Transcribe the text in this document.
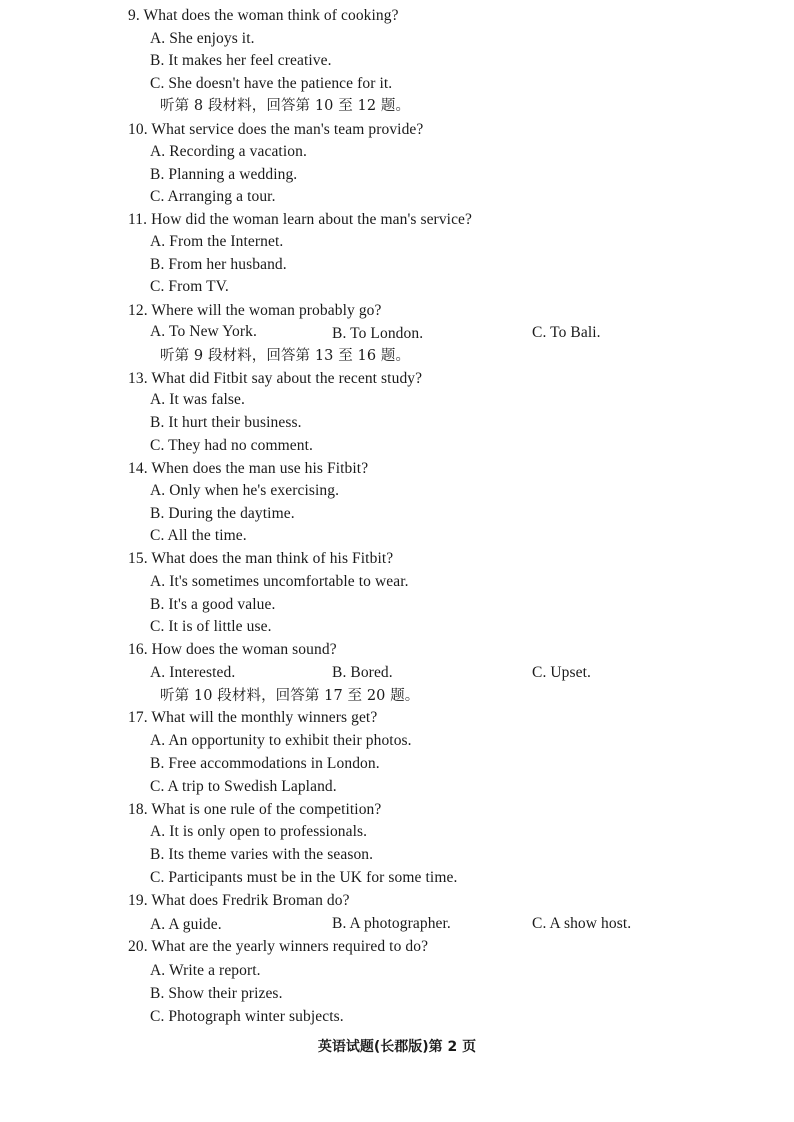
9. What does the woman think of cooking?
A. She enjoys it.
B. It makes her feel creative.
C. She doesn't have the patience for it.
听第 8 段材料，回答第 10 至 12 题。
10. What service does the man's team provide?
A. Recording a vacation.
B. Planning a wedding.
C. Arranging a tour.
11. How did the woman learn about the man's service?
A. From the Internet.
B. From her husband.
C. From TV.
12. Where will the woman probably go?
A. To New York.	B. To London.	C. To Bali.
听第 9 段材料，回答第 13 至 16 题。
13. What did Fitbit say about the recent study?
A. It was false.
B. It hurt their business.
C. They had no comment.
14. When does the man use his Fitbit?
A. Only when he's exercising.
B. During the daytime.
C. All the time.
15. What does the man think of his Fitbit?
A. It's sometimes uncomfortable to wear.
B. It's a good value.
C. It is of little use.
16. How does the woman sound?
A. Interested.	B. Bored.	C. Upset.
听第 10 段材料，回答第 17 至 20 题。
17. What will the monthly winners get?
A. An opportunity to exhibit their photos.
B. Free accommodations in London.
C. A trip to Swedish Lapland.
18. What is one rule of the competition?
A. It is only open to professionals.
B. Its theme varies with the season.
C. Participants must be in the UK for some time.
19. What does Fredrik Broman do?
A. A guide.	B. A photographer.	C. A show host.
20. What are the yearly winners required to do?
A. Write a report.
B. Show their prizes.
C. Photograph winter subjects.
英语试题(长郡版)第 2 页
